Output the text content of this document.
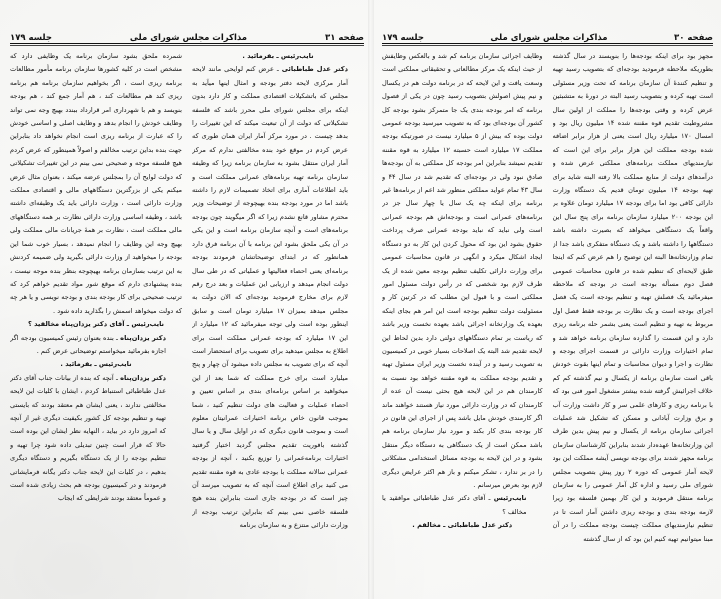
صفحه ۳۱
مذاکرات مجلس شورای ملی
جلسه ۱۷۹

نایب‌رئیس ـ بفرمائید .

دکتر عدل طباطبائی ـ عرض کنم لوایحی مانند لایحه آمار مرکزی لایحه دفتر بودجه و امثال اینها میآید به مجلس که باتشکیلات اقتصادی مملکت و کار دارد بدون اینکه برای مجلس شورای ملی محرز باشد که فلسفه تشکیلاتی که دولت از آن تبعیت میکند که این تغییرات را بدهد چیست . در مورد مرکز آمار ایران همان طوری که عرض کردم در موقع خود بنده مخالفتی ندارم که مرکز آمار ایران منتقل بشود به سازمان برنامه زیرا که وظیفه سازمان برنامه تهیه برنامه‌های عمرانی مملکت است و باید اطلاعات آماری برای اتخاذ تصمیمات لازم را داشته باشد اما در مورد بودجه بنده بهیچوجه از توضیحات وزیر محترم مشاور قانع نشدم زیرا که اگر میگویند چون بودجه برنامه‌های است و آنچه سازمان برنامه است و این یکی در آن یکی ملحق بشود این برنامه با آن برنامه فرق دارد همانطور که در ابتدای توضیحاتشان فرمودند بودجه برنامه‌ای یعنی احصاء فعالیتها و عملیاتی که در طی سال دولت انجام میدهد و ارزیابی این عملیات و بعد درج رقم لازم برای مخارج فرمودید بودجه‌ای که الان دولت به مجلس میدهد بمیزان ۱۷ میلیارد تومان است و سابق اینطور بوده است ولی توجه میفرمائید که ۱۲ میلیارد از این ۱۷ میلیارد که بودجه عمرانی مملکت است برای اطلاع به مجلس میدهید برای تصویب برای استحضار است آنچه که برای تصویب به مجلس داده میشود آن چهار و پنج میلیارد است برای خرج مملکت که شما بعد از این میخواهید بر اساس برنامه‌ای بندی بر اساس تعیین و احصاء عملیات و فعالیت های دولت تنظیم کنید ، شما بموجب قانون خاص برنامه اختیارات عمرانیتان معلوم است و بموجب قانون دیگری که در اوایل سال و یا سال گذشته بافوریت تقدیم مجلس گردید اختیار گرفتید اختیارات برنامه‌عمرانی را توزیع بکنید ، آنچه از بودجه عمرانی سالانه مملکت با بودجه عادی به قوه مقننه تقدیم می کنید برای اطلاع است آنچه که به تصویب میرسد آن چیز است که در بودجه جاری است بنابراین بنده هیچ فلسفه خاصی نمی بینم که بنابراین ترتیب بودجه از وزارت دارائی منتزع و به سازمان برنامه

شمرده ملحق بشود سازمان برنامه یک وظایفی دارد که مشخص است در کلیه کشورها سازمان برنامه مأمور مطالعات برنامه ریزی است ، اگر بخواهیم سازمان برنامه هم برنامه ریزی کند هم مطالعات کند ، هم آمار جمع کند ، هم بودجه بنویسد و هم با شهرداری امر قرارداد ببندد بهیچ وجه نمی تواند وظایف خودش را انجام بدهد و وظایف اصلی و اساسی خودش را که عبارت از برنامه ریزی است انجام نخواهد داد بنابراین جهت بنده بداین ترتیب مخالفم و اصولاً همینطور که عرض کردم هیچ فلسفه موجه و صحیحی نمی بینم در این تغییرات تشکیلاتی که دولت لوایح آن را بمجلس عرضه میکند ، بعنوان مثال عرض میکنم یکی از بزرگترین دستگاههای مالی و اقتصادی مملکت وزارت دارائی است ، وزارت دارائی باید یک وظیفه‌ای داشته باشد ، وظیفه اساسی وزارت دارائی نظارت بر همه دستگاههای مالی مملکت است ، نظارت بر همهٔ جریانات مالی مملکت ولی بهیچ وجه این وظایف را انجام نمیدهد ، بسیار خوب شما این بودجه را میخواهید از وزارت دارائی بگیرید ولی ضمیمه کردنش به این ترتیب بسازمان برنامه بهیچوجه بنظر بنده موجه نیست ، بنده پیشنهادی دارم که موقع شور مواد تقدیم خواهم کرد که ترتیب صحیحی برای کار بودجه بندی و بودجه نویسی و یا هر چه که دولت میخواهد اسمش را بگذارید داده شود .

نایب‌رئیس ـ آقای دکتر یزدان‌پناه مخالفید ؟

دکتر یزدان‌پناه ـ بنده بعنوان رئیس کمیسیون بودجه اگر اجازه بفرمائید میخواستم توضیحاتی عرض کنم .

نایب‌رئیس ـ بفرمائید .

دکتر یزدان‌پناه ـ آنچه که بنده از بیانات جناب آقای دکتر عدل طباطبائی استنباط کردم ، ایشان با کلیات این لایحه مخالفتی ندارند ، یعنی ایشان هم معتقد بودند که بایستی تهیه و تنظیم بودجه کل کشور بکیفیت دیگری غیر از آنچه که امروز دارد در بیاید ، النهایه نظر ایشان این بوده است حالا که قرار است چنین تبدیلی داده شود چرا تهیه و تنظیم بودجه را از یک دستگاه بگیریم و دستگاه دیگری بدهیم ، در کلیات این لایحه جناب دکتر یگانه فرمایشاتی فرمودند و در کمیسیون بودجه هم بحث زیادی شده است و عموماً معتقد بودند شرایطی که ایجاب

صفحه ۳۰
مذاکرات مجلس شورای ملی
جلسه ۱۷۹

مجهز بود برای اینکه بودجه‌ها را بنویسند در سال گذشته بطوریکه ملاحظه فرمودید بودجه‌ای که بتصویب رسید تهیه و تنظیم کنندهٔ آن سازمان برنامه که تحت وزیر مسئولی است تهیه کرده و بتصویب رسید البته در دورهٔ به متشبثین عرض کرده و وقتی بودجه‌ها را مملکت از اولین سال مشروطیت تقدیم قوه مقننه شده ۱۴ میلیون ریال بود و امسال ۱۷۰ میلیارد ریال است یعنی از هزار برابر اضافه شده بودجه مملکت این هزار برابر برای این است که نیازمندیهای مملکت برنامه‌های مملکتی عرض شده و درآمدهای دولت از منابع مملکت بالا رفته البته شاید برای تهیه بودجه ۱۴ میلیون تومان قدیم یک دستگاه وزارت دارائی کافی بود اما برای بودجه ۱۷ میلیارد تومان علاوه بر این بودجه ۲۰۰ میلیارد سازمان برنامه برای پنج سال این واقعاً یک دستگاهی میخواهد که بصیرت داشته باشد دستگاهها را داشته باشد و یک دستگاه متفکری باشد جدا از تمام وزارتخانه‌ها البته این توضیح را هم عرض کنم که اینجا طبق لایحه‌ای که تنظیم شده در قانون محاسبات عمومی فصل دوم مسأله بودجه است در بودجه که ملاحظه میفرمائید یک فصلش تهیه و تنظیم بودجه است یک فصل اجرای بودجه است و یک نظارت بر بودجه فقط فصل اول مربوط به تهیه و تنظیم است یعنی بشمر حله برنامه ریزی دارد و این قسمت را گذارده سازمان برنامه خواهد شد و تمام اختیارات وزارت دارائی در قسمت اجرای بودجه و نظارت و اجرا و دیوان محاسبات و تمام اینها بقوت خودش باقی است سازمان برنامه از یکسال و نیم گذشته کم کم خلاف اجرائیش گرفته شده بیشتر مشغول امور فنی بود که با برنامه ریزی و کارهای علمی سر و کار داشت وزارت آب و برق وزارت آبادانی و مسکن که تشکیل شد عملیات اجرائی سازمان برنامه از یکسال و نیم پیش بدین طرف این وزارتخانه‌ها عهده‌دار شدند بنابراین کارشناسان سازمان برنامه مجهز شدند برای بودجه نویسی آیشه مملکت این بود لایحه آمار عمومی که دوره ۲ روز پیش بتصویب مجلس شورای ملی رسید و اداره کل آمار عمومی را به سازمان برنامه منتقل فرمودید و این کار بهمین فلسفه بود زیرا لازمه بودجه بندی و بودجه ریزی داشتن آمار است تا در تنظیم نیازمندیهای مملکت چیست بودجه مملکت را در آن مبنا میتوانیم تهیه کنیم این بود که از سال گذشته

وظایف اجرائی سازمان برنامه کم شد و بالعکس وظایفش از حیث اینکه یک مرکز مطالعاتی و تحقیقاتی مملکتی است وسعت یافت و این لایحه که در برنامه دولت هم در یکسال و نیم پیش اصولش بتصویب رسید چون در یکی از فصول برنامه که امر بودجه بندی یک جا متمرکز بشود بودجه کل کشور آن بودجه‌ای بود که به تصویب میرسید بودجه عمومی دولت بوده که بیش از ۵ میلیارد نیست در صورتیکه بودجه مملکت ۱۷ میلیارد است حسبته ۱۲ میلیارد به قوه مقننه تقدیم نمیشد بنابراین امر بودجه کل مملکتی به آن بودجه‌ها صادق نبود ولی در بودجه‌ای که تقدیم شد در سال ۴۴ و سال ۴۳ تمام عواید مملکتی منظور شد اعم از برنامه‌ها غیر برنامه برای اینکه چه یک سال یا چهار سال جز در برنامه‌های عمرانی است و بودجه‌اش هم بودجه عمرانی است ولی نباید که نباید بودجه عمرانی صرف پرداخت حقوق بشود این بود که محول کردن این کار به دو دستگاه ایجاد اشکال میکرد و انگهی در قانون محاسبات عمومی برای وزارت دارائی تکلیف تنظیم بودجه معین شده از یک طرف لازم بود شخصی که در رأس دولت مسئول امور مملکتی است و با قبول این مطلب که در کرتین کار و مسئولیت دولت تنظیم بودجه است این امر هم بجای اینکه بعهده یک وزارتخانه اجرائی باشد بعهده نخست وزیر باشد که ریاست بر تمام دستگاههای دولتی دارد بدین لحاظ این لایحه تقدیم شد البته یک اصلاحات بسیار خوبی در کمیسیون به تصویب رسید و در آینده نخست وزیر ایران مسئول تهیه و تقدیم بودجه مملکت به قوه مقننه خواهد بود نسبت به کارمندان هم در این لایحه هیچ بحثی نیست آن عده از کارمندان که در وزارت دارائی مورد نیاز هستند خواهند ماند اگر کارمندی خودش مایل باشد پس از اجرای این قانون در کار بودجه بندی کار بکند و مورد نیاز سازمان برنامه هم باشد ممکن است از یک دستگاهی به دستگاه دیگر منتقل بشود و در این لایحه به بودجه مسائل استخدامی مشکلاتی را در بر ندارد ، تشکر میکنم و باز هم اکثر عرایض دیگری لازم بود بعرض میرسانم .

نایب‌رئیس ـ آقای دکتر عدل طباطبائی موافقید یا مخالف ؟

دکتر عدل طباطبائی ـ مخالفم .
